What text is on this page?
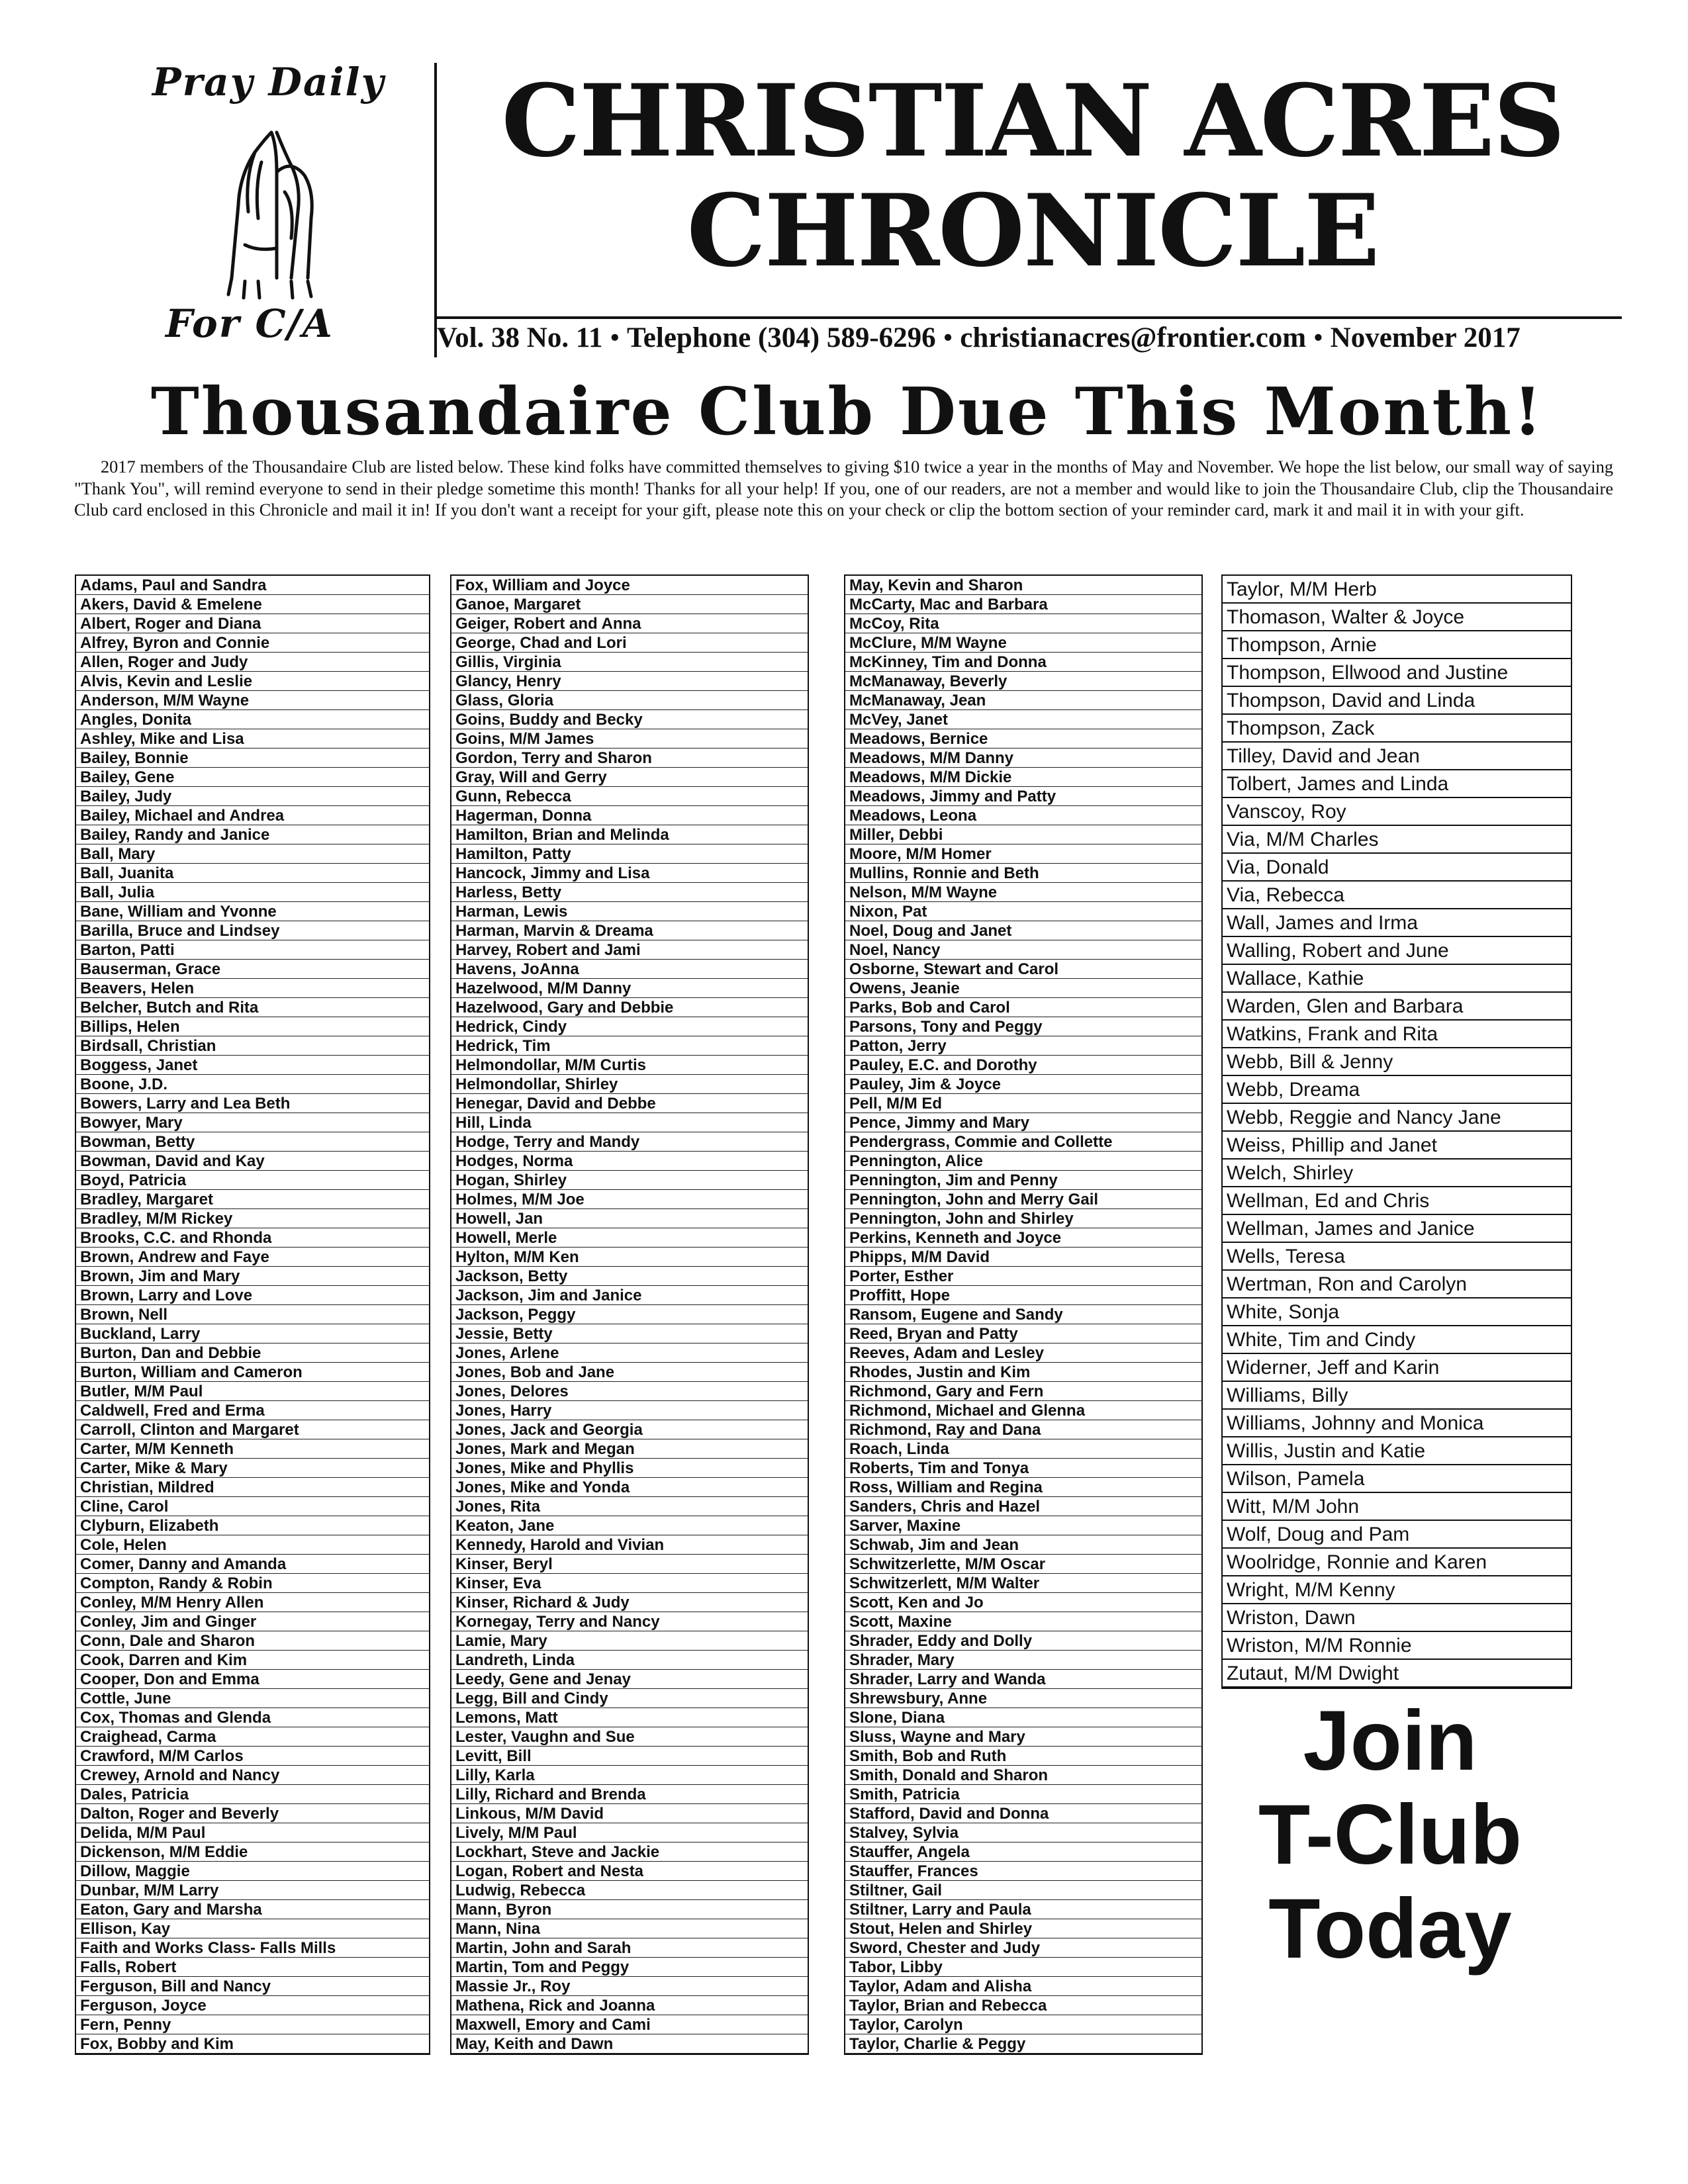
Pray Daily
For C/A
CHRISTIAN ACRES
CHRONICLE
Vol. 38 No. 11 • Telephone (304) 589-6296 • christianacres@frontier.com • November 2017
Thousandaire Club Due This Month!
2017 members of the Thousandaire Club are listed below. These kind folks have committed themselves to giving $10 twice a year in the months of May and November. We hope the list below, our small way of saying "Thank You", will remind everyone to send in their pledge sometime this month! Thanks for all your help! If you, one of our readers, are not a member and would like to join the Thousandaire Club, clip the Thousandaire Club card enclosed in this Chronicle and mail it in! If you don't want a receipt for your gift, please note this on your check or clip the bottom section of your reminder card, mark it and mail it in with your gift.
Adams, Paul and Sandra
Akers, David & Emelene
Albert, Roger and Diana
Alfrey, Byron and Connie
Allen, Roger and Judy
Alvis, Kevin and Leslie
Anderson, M/M Wayne
Angles, Donita
Ashley, Mike and Lisa
Bailey, Bonnie
Bailey, Gene
Bailey, Judy
Bailey, Michael and Andrea
Bailey, Randy and Janice
Ball, Mary
Ball, Juanita
Ball, Julia
Bane, William and Yvonne
Barilla, Bruce and Lindsey
Barton, Patti
Bauserman, Grace
Beavers, Helen
Belcher, Butch and Rita
Billips, Helen
Birdsall, Christian
Boggess, Janet
Boone, J.D.
Bowers, Larry and Lea Beth
Bowyer, Mary
Bowman, Betty
Bowman, David and Kay
Boyd, Patricia
Bradley, Margaret
Bradley, M/M Rickey
Brooks, C.C. and Rhonda
Brown, Andrew and Faye
Brown, Jim and Mary
Brown, Larry and Love
Brown, Nell
Buckland, Larry
Burton, Dan and Debbie
Burton, William and Cameron
Butler, M/M Paul
Caldwell, Fred and Erma
Carroll, Clinton and Margaret
Carter, M/M Kenneth
Carter, Mike & Mary
Christian, Mildred
Cline, Carol
Clyburn, Elizabeth
Cole, Helen
Comer, Danny and Amanda
Compton, Randy & Robin
Conley, M/M Henry Allen
Conley, Jim and Ginger
Conn, Dale and Sharon
Cook, Darren and Kim
Cooper, Don and Emma
Cottle, June
Cox, Thomas and Glenda
Craighead, Carma
Crawford, M/M Carlos
Crewey, Arnold and Nancy
Dales, Patricia
Dalton, Roger and Beverly
Delida, M/M Paul
Dickenson, M/M Eddie
Dillow, Maggie
Dunbar, M/M Larry
Eaton, Gary and Marsha
Ellison, Kay
Faith and Works Class- Falls Mills
Falls, Robert
Ferguson, Bill and Nancy
Ferguson, Joyce
Fern, Penny
Fox, Bobby and Kim
Fox, William and Joyce
Ganoe, Margaret
Geiger, Robert and Anna
George, Chad and Lori
Gillis, Virginia
Glancy, Henry
Glass, Gloria
Goins, Buddy and Becky
Goins, M/M James
Gordon, Terry and Sharon
Gray, Will and Gerry
Gunn, Rebecca
Hagerman, Donna
Hamilton, Brian and Melinda
Hamilton, Patty
Hancock, Jimmy and Lisa
Harless, Betty
Harman, Lewis
Harman, Marvin & Dreama
Harvey, Robert and Jami
Havens, JoAnna
Hazelwood, M/M Danny
Hazelwood, Gary and Debbie
Hedrick, Cindy
Hedrick, Tim
Helmondollar, M/M Curtis
Helmondollar, Shirley
Henegar, David and Debbe
Hill, Linda
Hodge, Terry and Mandy
Hodges, Norma
Hogan, Shirley
Holmes, M/M Joe
Howell, Jan
Howell, Merle
Hylton, M/M Ken
Jackson, Betty
Jackson, Jim and Janice
Jackson, Peggy
Jessie, Betty
Jones, Arlene
Jones, Bob and Jane
Jones, Delores
Jones, Harry
Jones, Jack and Georgia
Jones, Mark and Megan
Jones, Mike and Phyllis
Jones, Mike and Yonda
Jones, Rita
Keaton, Jane
Kennedy, Harold and Vivian
Kinser, Beryl
Kinser, Eva
Kinser, Richard & Judy
Kornegay, Terry and Nancy
Lamie, Mary
Landreth, Linda
Leedy, Gene and Jenay
Legg, Bill and Cindy
Lemons, Matt
Lester, Vaughn and Sue
Levitt, Bill
Lilly, Karla
Lilly, Richard and Brenda
Linkous, M/M David
Lively, M/M Paul
Lockhart, Steve and Jackie
Logan, Robert and Nesta
Ludwig, Rebecca
Mann, Byron
Mann, Nina
Martin, John and Sarah
Martin, Tom and Peggy
Massie Jr., Roy
Mathena, Rick and Joanna
Maxwell, Emory and Cami
May, Keith and Dawn
May, Kevin and Sharon
McCarty, Mac and Barbara
McCoy, Rita
McClure, M/M Wayne
McKinney, Tim and Donna
McManaway, Beverly
McManaway, Jean
McVey, Janet
Meadows, Bernice
Meadows, M/M Danny
Meadows, M/M Dickie
Meadows, Jimmy and Patty
Meadows, Leona
Miller, Debbi
Moore, M/M Homer
Mullins, Ronnie and Beth
Nelson, M/M Wayne
Nixon, Pat
Noel, Doug and Janet
Noel, Nancy
Osborne, Stewart and Carol
Owens, Jeanie
Parks, Bob and Carol
Parsons, Tony and Peggy
Patton, Jerry
Pauley, E.C. and Dorothy
Pauley, Jim & Joyce
Pell, M/M Ed
Pence, Jimmy and Mary
Pendergrass, Commie and Collette
Pennington, Alice
Pennington, Jim and Penny
Pennington, John and Merry Gail
Pennington, John and Shirley
Perkins, Kenneth and Joyce
Phipps, M/M David
Porter, Esther
Proffitt, Hope
Ransom, Eugene and Sandy
Reed, Bryan and Patty
Reeves, Adam and Lesley
Rhodes, Justin and Kim
Richmond, Gary and Fern
Richmond, Michael and Glenna
Richmond, Ray and Dana
Roach, Linda
Roberts, Tim and Tonya
Ross, William and Regina
Sanders, Chris and Hazel
Sarver, Maxine
Schwab, Jim and Jean
Schwitzerlette, M/M Oscar
Schwitzerlett, M/M Walter
Scott, Ken and Jo
Scott, Maxine
Shrader, Eddy and Dolly
Shrader, Mary
Shrader, Larry and Wanda
Shrewsbury, Anne
Slone, Diana
Sluss, Wayne and Mary
Smith, Bob and Ruth
Smith, Donald and Sharon
Smith, Patricia
Stafford, David and Donna
Stalvey, Sylvia
Stauffer, Angela
Stauffer, Frances
Stiltner, Gail
Stiltner, Larry and Paula
Stout, Helen and Shirley
Sword, Chester and Judy
Tabor, Libby
Taylor, Adam and Alisha
Taylor, Brian and Rebecca
Taylor, Carolyn
Taylor, Charlie & Peggy
Taylor, M/M Herb
Thomason, Walter & Joyce
Thompson, Arnie
Thompson, Ellwood and Justine
Thompson, David and Linda
Thompson, Zack
Tilley, David and Jean
Tolbert, James and Linda
Vanscoy, Roy
Via, M/M Charles
Via, Donald
Via, Rebecca
Wall, James and Irma
Walling, Robert and June
Wallace, Kathie
Warden, Glen and Barbara
Watkins, Frank and Rita
Webb, Bill & Jenny
Webb, Dreama
Webb, Reggie and Nancy Jane
Weiss, Phillip and Janet
Welch, Shirley
Wellman, Ed and Chris
Wellman, James and Janice
Wells, Teresa
Wertman, Ron and Carolyn
White, Sonja
White, Tim and Cindy
Widerner, Jeff and Karin
Williams, Billy
Williams, Johnny and Monica
Willis, Justin and Katie
Wilson, Pamela
Witt, M/M John
Wolf, Doug and Pam
Woolridge, Ronnie and Karen
Wright, M/M Kenny
Wriston, Dawn
Wriston, M/M Ronnie
Zutaut, M/M Dwight
Join
T-Club
Today
